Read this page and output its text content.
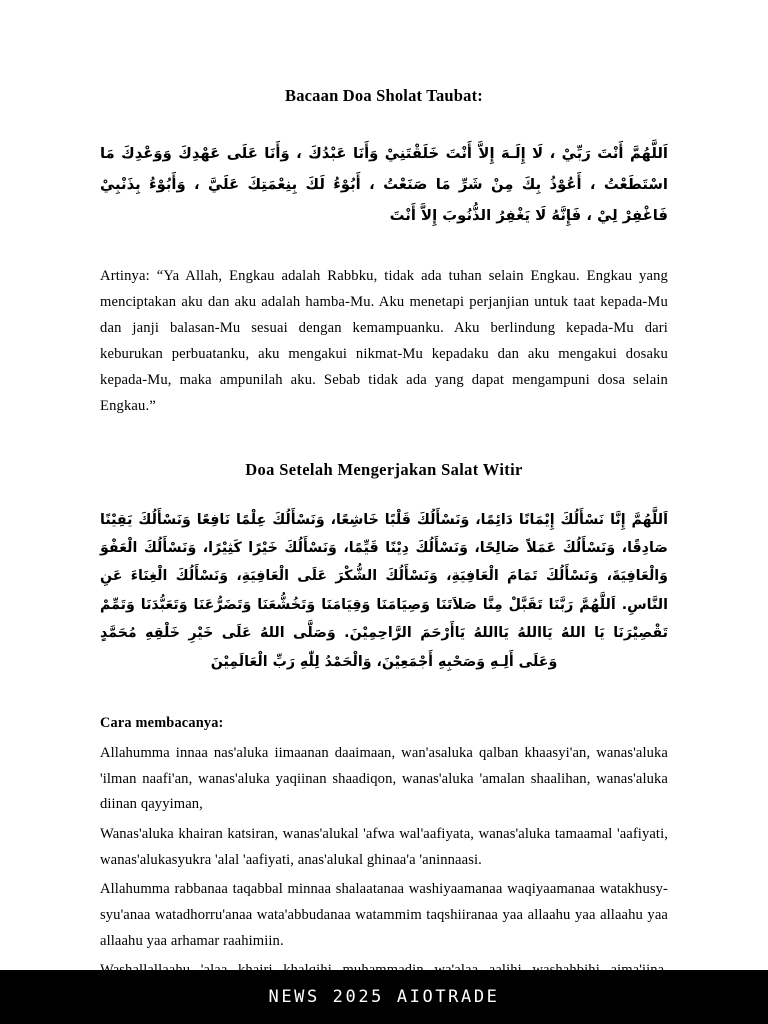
Bacaan Doa Sholat Taubat:

اَللَّهُمَّ أَنْتَ رَبِّيْ ، لَا إِلَـهَ إِلاَّ أَنْتَ خَلَقْتَنِيْ وَأَنَا عَبْدُكَ ، وَأَنَا عَلَى عَهْدِكَ وَوَعْدِكَ مَا اسْتَطَعْتُ ، أَعُوْذُ بِكَ مِنْ شَرِّ مَا صَنَعْتُ ، أَبُوْءُ لَكَ بِنِعْمَتِكَ عَلَيَّ ، وَأَبُوْءُ بِذَنْبِيْ فَاغْفِرْ لِيْ ، فَإِنَّهُ لَا يَغْفِرُ الذُّنُوبَ إِلاَّ أَنْتَ

Artinya: “Ya Allah, Engkau adalah Rabbku, tidak ada tuhan selain Engkau. Engkau yang menciptakan aku dan aku adalah hamba-Mu. Aku menetapi perjanjian untuk taat kepada-Mu dan janji balasan-Mu sesuai dengan kemampuanku. Aku berlindung kepada-Mu dari keburukan perbuatanku, aku mengakui nikmat-Mu kepadaku dan aku mengakui dosaku kepada-Mu, maka ampunilah aku. Sebab tidak ada yang dapat mengampuni dosa selain Engkau.”

Doa Setelah Mengerjakan Salat Witir

اَللَّهُمَّ إِنَّا نَسْأَلُكَ إِيْمَانًا دَائِمًا، وَنَسْأَلُكَ قَلْبًا خَاشِعًا، وَنَسْأَلُكَ عِلْمًا نَافِعًا وَنَسْأَلُكَ يَقِيْنًا صَادِقًا، وَنَسْأَلُكَ عَمَلاً صَالِحًا، وَنَسْأَلُكَ دِيْنًا قَيِّمًا، وَنَسْأَلُكَ خَيْرًا كَثِيْرًا، وَنَسْأَلُكَ الْعَفْوَ وَالْعَافِيَةَ، وَنَسْأَلُكَ تَمَامَ الْعَافِيَةِ، وَنَسْأَلُكَ الشُّكْرَ عَلَى الْعَافِيَةِ، وَنَسْأَلُكَ الْغِنَاءَ عَنِ النَّاسِ. اَللَّهُمَّ رَبَّنَا تَقَبَّلْ مِنَّا صَلاَتَنَا وَصِيَامَنَا وَقِيَامَنَا وَتَخُشُّعَنَا وَتَضَرُّعَنَا وَتَعَبُّدَنَا وَتَمِّمْ تَقْصِيْرَنَا يَا اللهُ يَااللهُ يَااللهُ يَاأَرْحَمَ الرَّاحِمِيْنَ. وَصَلَّى اللهُ عَلَى خَيْرِ خَلْقِهِ مُحَمَّدٍ وَعَلَى أَلِـهِ وَصَحْبِهِ أَجْمَعِيْنَ، وَالْحَمْدُ لِلّٰهِ رَبِّ الْعَالَمِيْنَ

Cara membacanya:

Allahumma innaa nas'aluka iimaanan daaimaan, wan'asaluka qalban khaasyi'an, wanas'aluka 'ilman naafi'an, wanas'aluka yaqiinan shaadiqon, wanas'aluka 'amalan shaalihan, wanas'aluka diinan qayyiman,

Wanas'aluka khairan katsiran, wanas'alukal 'afwa wal'aafiyata, wanas'aluka tamaamal 'aafiyati, wanas'alukasyukra 'alal 'aafiyati, anas'alukal ghinaa'a 'aninnaasi.

Allahumma rabbanaa taqabbal minnaa shalaatanaa washiyaamanaa waqiyaamanaa watakhusy-syu'anaa watadhorru'anaa wata'abbudanaa watammim taqshiiranaa yaa allaahu yaa allaahu yaa allaahu yaa arhamar raahimiin.

NEWS 2025 AIOTRADE
